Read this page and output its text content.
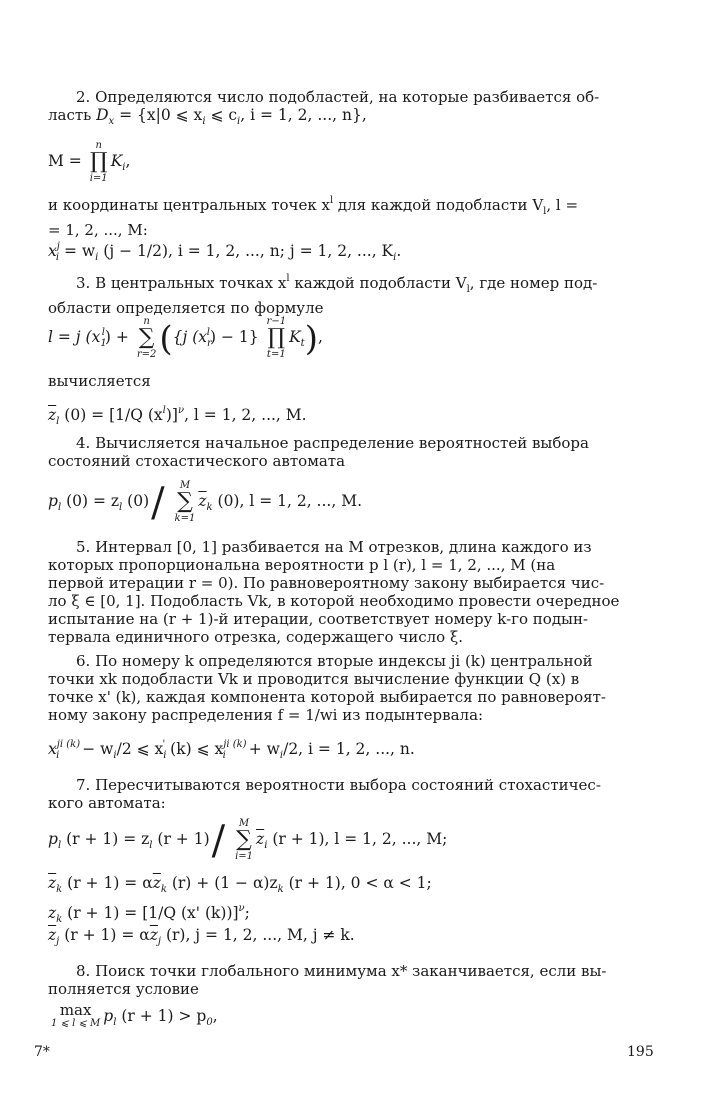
2. Определяются число подобластей, на которые разбивается об-
ласть $D_x = \{x|0$ ⩽ $x_i$ ⩽ $c_i$, i = 1, 2, ..., n},

M =
n
∏
i=1
$K_i$,

и координаты центральных точек $x^l$ для каждой подобласти $V_l$, l =
= 1, 2, ..., M:

$x^j_i = w_i$ (j − 1/2), i = 1, 2, ..., n; j = 1, 2, ..., $K_i$.

3. В центральных точках $x^l$ каждой подобласти $V_l$, где номер под-
области определяется по формуле

l = j $(x_1^l)$ +
n
∑
r=2 ({j $(x_r^l) - 1$}
r−1
∏
t=1
$K_t$),
вычисляется
$\overline{z}_l$ (0) = [1/Q $(x^l)]^\nu$, l = 1, 2, ..., M.

4. Вычисляется начальное распределение вероятностей выбора
состояний стохастического автомата

$p_l$ $(0) = z_l$ (0)/	M
∑
k=1
$\overline{z}_k$ (0), l = 1, 2, ..., M.

5. Интервал [0, 1] разбивается на M отрезков, длина каждого из
которых пропорциональна вероятности p l (r), l = 1, 2, ..., M (на
первой итерации r = 0). По равновероятному закону выбирается чис-
ло ξ ∈ [0, 1]. Подобласть Vk, в которой необходимо провести очередное
испытание на (r + 1)-й итерации, соответствует номеру k-го подын-
тервала единичного отрезка, содержащего число ξ.

6. По номеру k определяются вторые индексы ji (k) центральной
точки xk подобласти Vk и проводится вычисление функции Q (x) в
точке x' (k), каждая компонента которой выбирается по равновероят-
ному закону распределения f = 1/wi из подынтервала:

$x^{ji (k)}_i - w_i/2$ ⩽ $x_i'$ (k) ⩽ $x^{ji (k)}_i + w_i/2$, i = 1, 2, ..., n.

7. Пересчитываются вероятности выбора состояний стохастичес-
кого автомата:

$p_l$ $(r + 1) = z_l$ (r + 1)/	M
∑
i=1
$\overline{z}_i$ (r + 1), l = 1, 2, ..., M;
$\overline{z}_k$ $(r + 1) = \alpha\overline{z}_k$ $(r) + (1 - \alpha)z_k$ (r + 1), 0 < α < 1;
$z_k$ (r + 1) = [1/Q (x' (k))]$^\nu$;
$\overline{z}_j$ $(r + 1) = \alpha\overline{z}_j$ (r), j = 1, 2, ..., M, j ≠ k.

8. Поиск точки глобального минимума x* заканчивается, если вы-
полняется условие

max
1 ⩽ l ⩽ M $p_l$ $(r + 1) > p_0$,
7*	195
